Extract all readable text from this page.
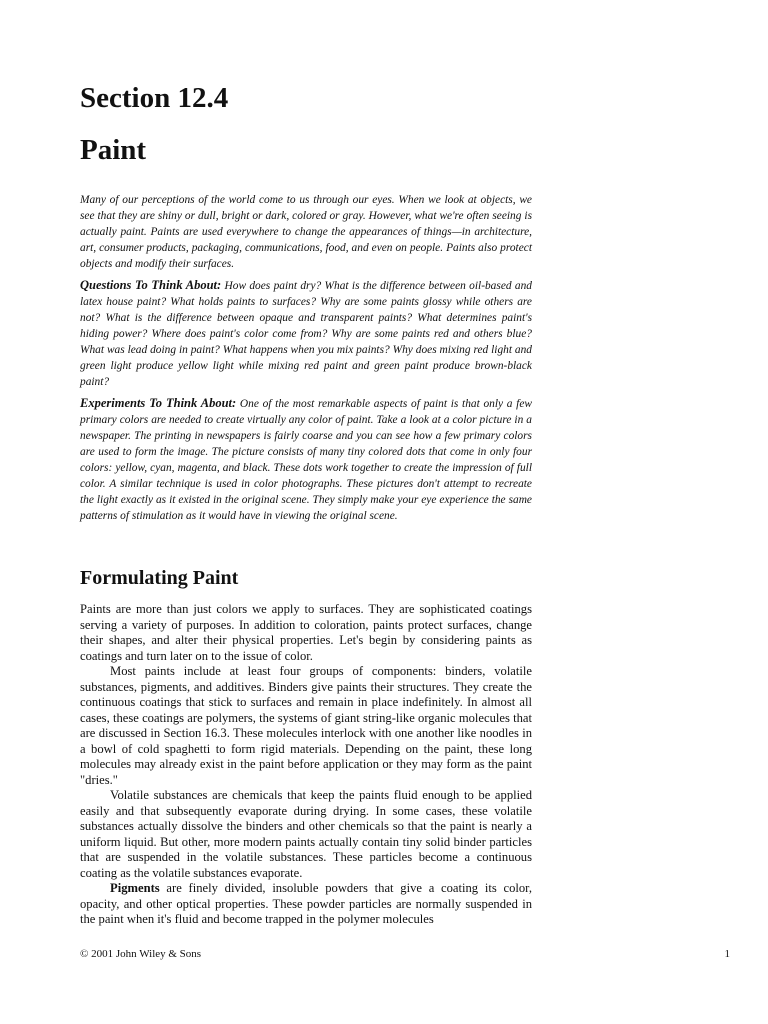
Section 12.4
Paint

Many of our perceptions of the world come to us through our eyes. When we look at objects, we see that they are shiny or dull, bright or dark, colored or gray. However, what we're often seeing is actually paint. Paints are used everywhere to change the appearances of things—in architecture, art, consumer products, packaging, communications, food, and even on people. Paints also protect objects and modify their surfaces.

Questions To Think About: How does paint dry? What is the difference between oil-based and latex house paint? What holds paints to surfaces? Why are some paints glossy while others are not? What is the difference between opaque and transparent paints? What determines paint's hiding power? Where does paint's color come from? Why are some paints red and others blue? What was lead doing in paint? What happens when you mix paints? Why does mixing red light and green light produce yellow light while mixing red paint and green paint produce brown-black paint?

Experiments To Think About: One of the most remarkable aspects of paint is that only a few primary colors are needed to create virtually any color of paint. Take a look at a color picture in a newspaper. The printing in newspapers is fairly coarse and you can see how a few primary colors are used to form the image. The picture consists of many tiny colored dots that come in only four colors: yellow, cyan, magenta, and black. These dots work together to create the impression of full color. A similar technique is used in color photographs. These pictures don't attempt to recreate the light exactly as it existed in the original scene. They simply make your eye experience the same patterns of stimulation as it would have in viewing the original scene.

Formulating Paint

Paints are more than just colors we apply to surfaces. They are sophisticated coatings serving a variety of purposes. In addition to coloration, paints protect surfaces, change their shapes, and alter their physical properties. Let's begin by considering paints as coatings and turn later on to the issue of color.

Most paints include at least four groups of components: binders, volatile substances, pigments, and additives. Binders give paints their structures. They create the continuous coatings that stick to surfaces and remain in place indefinitely. In almost all cases, these coatings are polymers, the systems of giant string-like organic molecules that are discussed in Section 16.3. These molecules interlock with one another like noodles in a bowl of cold spaghetti to form rigid materials. Depending on the paint, these long molecules may already exist in the paint before application or they may form as the paint "dries."

Volatile substances are chemicals that keep the paints fluid enough to be applied easily and that subsequently evaporate during drying. In some cases, these volatile substances actually dissolve the binders and other chemicals so that the paint is nearly a uniform liquid. But other, more modern paints actually contain tiny solid binder particles that are suspended in the volatile substances. These particles become a continuous coating as the volatile substances evaporate.

Pigments are finely divided, insoluble powders that give a coating its color, opacity, and other optical properties. These powder particles are normally suspended in the paint when it's fluid and become trapped in the polymer molecules

© 2001 John Wiley & Sons	1
